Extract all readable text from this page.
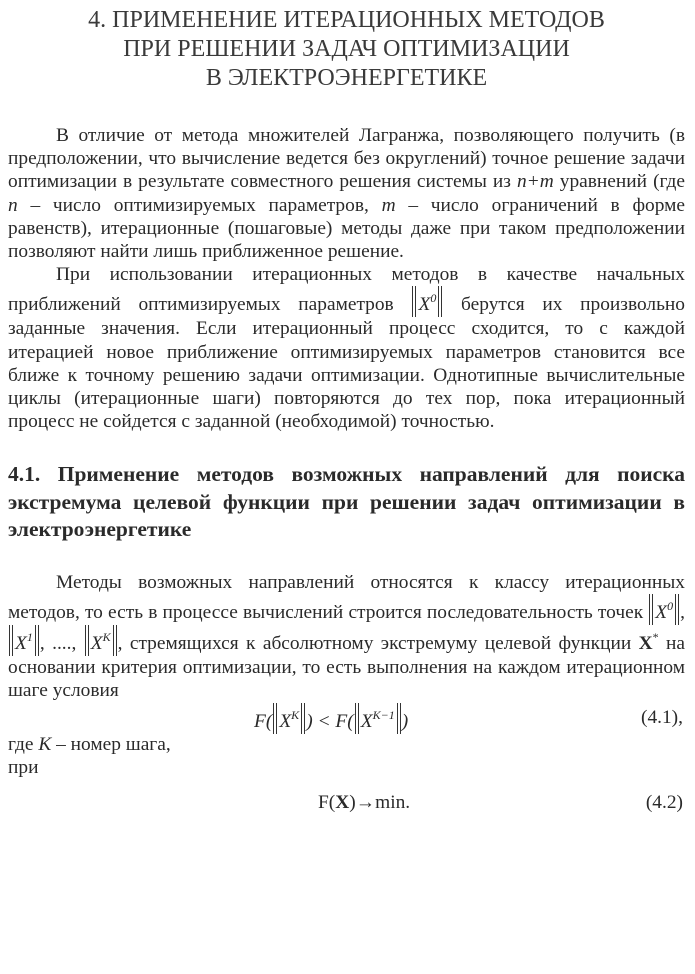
4. ПРИМЕНЕНИЕ ИТЕРАЦИОННЫХ МЕТОДОВ
ПРИ РЕШЕНИИ ЗАДАЧ ОПТИМИЗАЦИИ
В ЭЛЕКТРОЭНЕРГЕТИКЕ

В отличие от метода множителей Лагранжа, позволяющего получить (в предположении, что вычисление ведется без округлений) точное решение задачи оптимизации в результате совместного решения системы из n+m уравнений (где n – число оптимизируемых параметров, m – число ограничений в форме равенств), итерационные (пошаговые) методы даже при таком предположении позволяют найти лишь приближенное решение.

При использовании итерационных методов в качестве начальных приближений оптимизируемых параметров $X^0$ берутся их произвольно заданные значения. Если итерационный процесс сходится, то с каждой итерацией новое приближение оптимизируемых параметров становится все ближе к точному решению задачи оптимизации. Однотипные вычислительные циклы (итерационные шаги) повторяются до тех пор, пока итерационный процесс не сойдется с заданной (необходимой) точностью.

4.1. Применение методов возможных направлений для поиска экстремума целевой функции при решении задач оптимизации в электроэнергетике

Методы возможных направлений относятся к классу итерационных методов, то есть в процессе вычислений строится последовательность точек $X^0$ $,X^1$ , ...., $X^K$ , стремящихся к абсолютному экстремуму целевой функции X* на основании критерия оптимизации, то есть выполнения на каждом итерационном шаге условия

F( $X^K$ ) < F( $X^{K-1}$ )	(4.1),

где K – номер шага,

при

F(X)→min.	(4.2)
